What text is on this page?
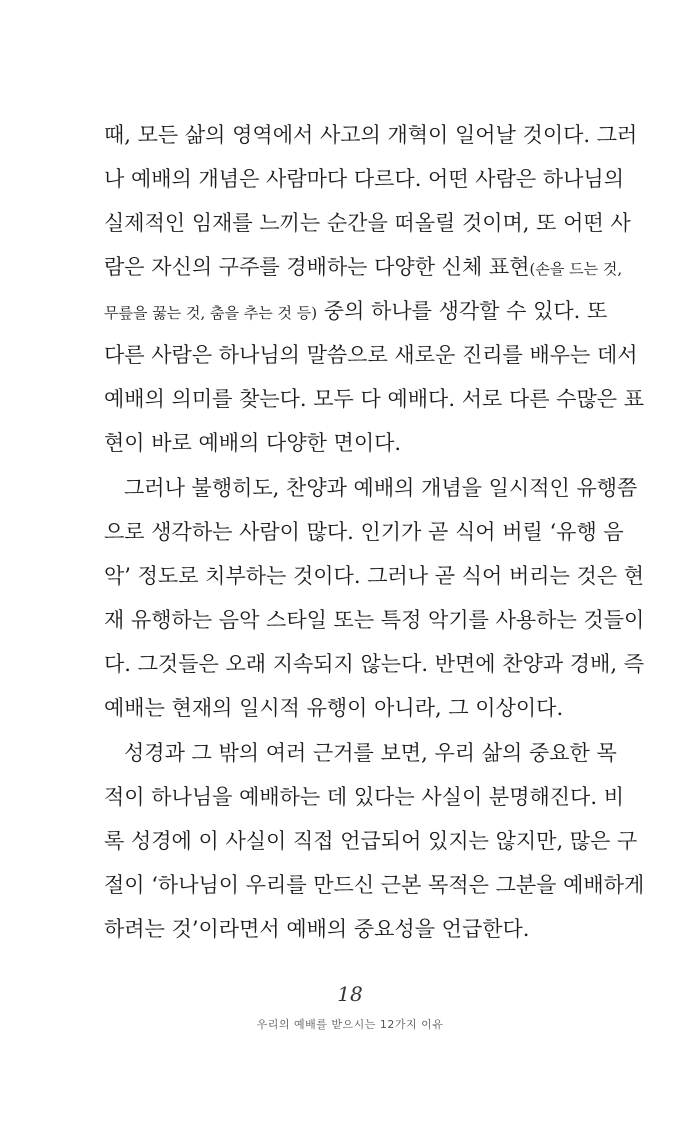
때, 모든 삶의 영역에서 사고의 개혁이 일어날 것이다. 그러
나 예배의 개념은 사람마다 다르다. 어떤 사람은 하나님의
실제적인 임재를 느끼는 순간을 떠올릴 것이며, 또 어떤 사
람은 자신의 구주를 경배하는 다양한 신체 표현(손을 드는 것,
무릎을 꿇는 것, 춤을 추는 것 등) 중의 하나를 생각할 수 있다. 또
다른 사람은 하나님의 말씀으로 새로운 진리를 배우는 데서
예배의 의미를 찾는다. 모두 다 예배다. 서로 다른 수많은 표
현이 바로 예배의 다양한 면이다.
그러나 불행히도, 찬양과 예배의 개념을 일시적인 유행쯤
으로 생각하는 사람이 많다. 인기가 곧 식어 버릴 ‘유행 음
악’ 정도로 치부하는 것이다. 그러나 곧 식어 버리는 것은 현
재 유행하는 음악 스타일 또는 특정 악기를 사용하는 것들이
다. 그것들은 오래 지속되지 않는다. 반면에 찬양과 경배, 즉
예배는 현재의 일시적 유행이 아니라, 그 이상이다.
성경과 그 밖의 여러 근거를 보면, 우리 삶의 중요한 목
적이 하나님을 예배하는 데 있다는 사실이 분명해진다. 비
록 성경에 이 사실이 직접 언급되어 있지는 않지만, 많은 구
절이 ‘하나님이 우리를 만드신 근본 목적은 그분을 예배하게
하려는 것’이라면서 예배의 중요성을 언급한다.
18
우리의 예배를 받으시는 12가지 이유
